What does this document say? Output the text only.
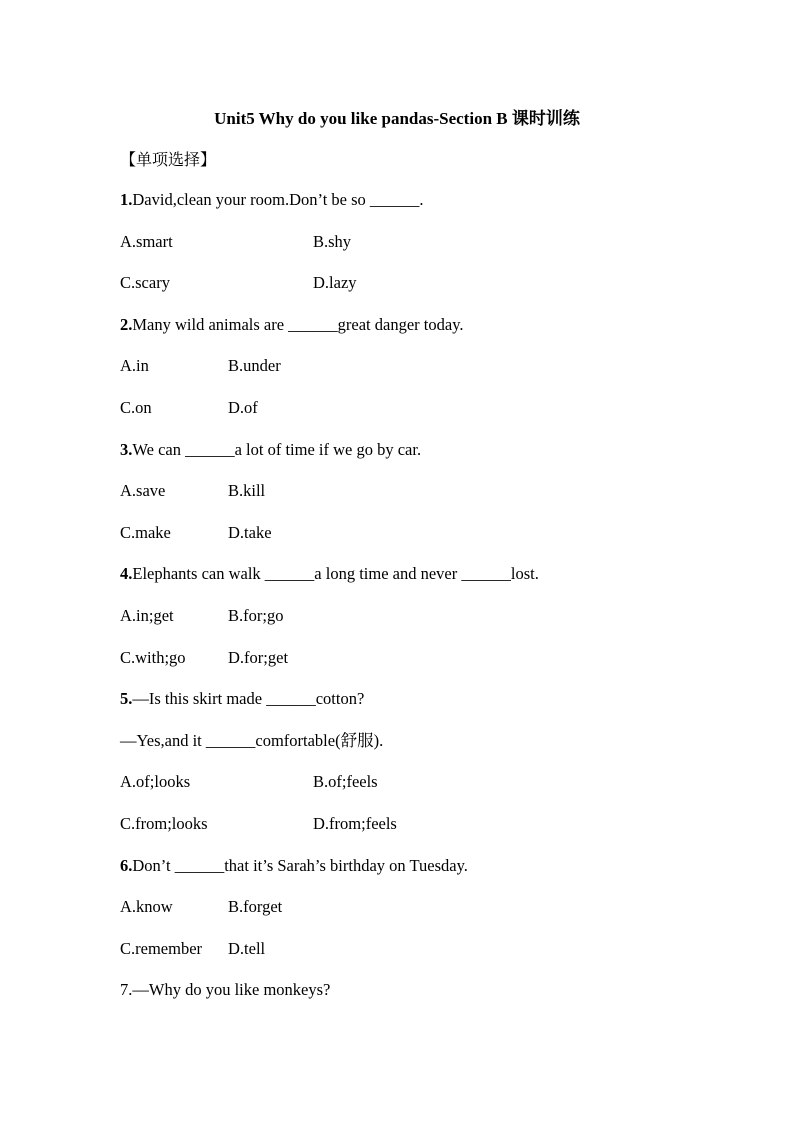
Unit5 Why do you like pandas-Section B 课时训练
【单项选择】
1. David,clean your room.Don’t be so ______.
A.smart	B.shy
C.scary	D.lazy
2. Many wild animals are ______great danger today.
A.in	B.under
C.on	D.of
3. We can ______a lot of time if we go by car.
A.save	B.kill
C.make	D.take
4. Elephants can walk ______a long time and never ______lost.
A.in;get	B.for;go
C.with;go	D.for;get
5. —Is this skirt made ______cotton?
—Yes,and it ______comfortable(舒服).
A.of;looks	B.of;feels
C.from;looks	D.from;feels
6. Don’t ______that it’s Sarah’s birthday on Tuesday.
A.know	B.forget
C.remember	D.tell
7. —Why do you like monkeys?
